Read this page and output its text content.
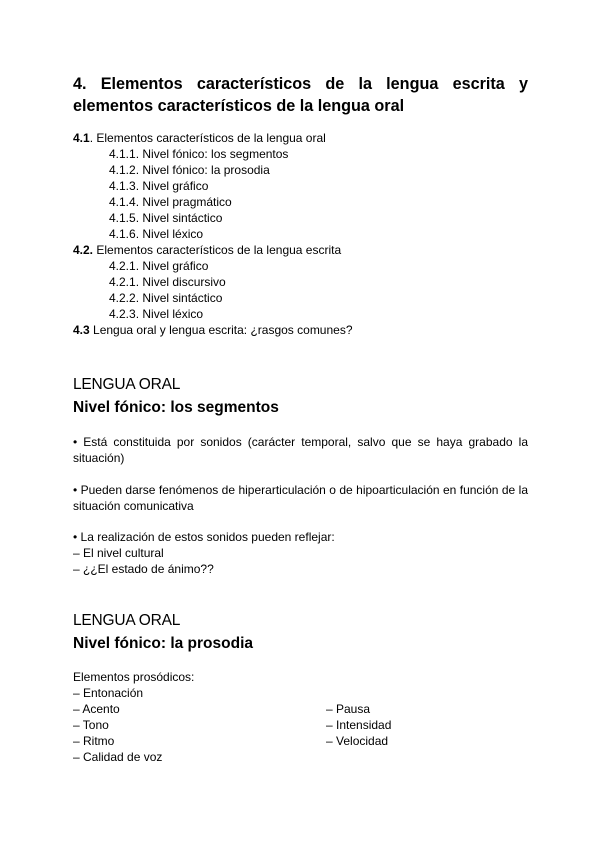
4. Elementos característicos de la lengua escrita y elementos característicos de la lengua oral
4.1. Elementos característicos de la lengua oral
4.1.1. Nivel fónico: los segmentos
4.1.2. Nivel fónico: la prosodia
4.1.3. Nivel gráfico
4.1.4. Nivel pragmático
4.1.5. Nivel sintáctico
4.1.6. Nivel léxico
4.2. Elementos característicos de la lengua escrita
4.2.1. Nivel gráfico
4.2.1. Nivel discursivo
4.2.2. Nivel sintáctico
4.2.3. Nivel léxico
4.3 Lengua oral y lengua escrita: ¿rasgos comunes?
LENGUA ORAL
Nivel fónico: los segmentos
• Está constituida por sonidos (carácter temporal, salvo que se haya grabado la situación)
• Pueden darse fenómenos de hiperarticulación o de hipoarticulación en función de la situación comunicativa
• La realización de estos sonidos pueden reflejar:
– El nivel cultural
– ¿¿El estado de ánimo??
LENGUA ORAL
Nivel fónico: la prosodia
Elementos prosódicos:
– Entonación
– Acento
– Tono
– Ritmo
– Calidad de voz
– Pausa
– Intensidad
– Velocidad
